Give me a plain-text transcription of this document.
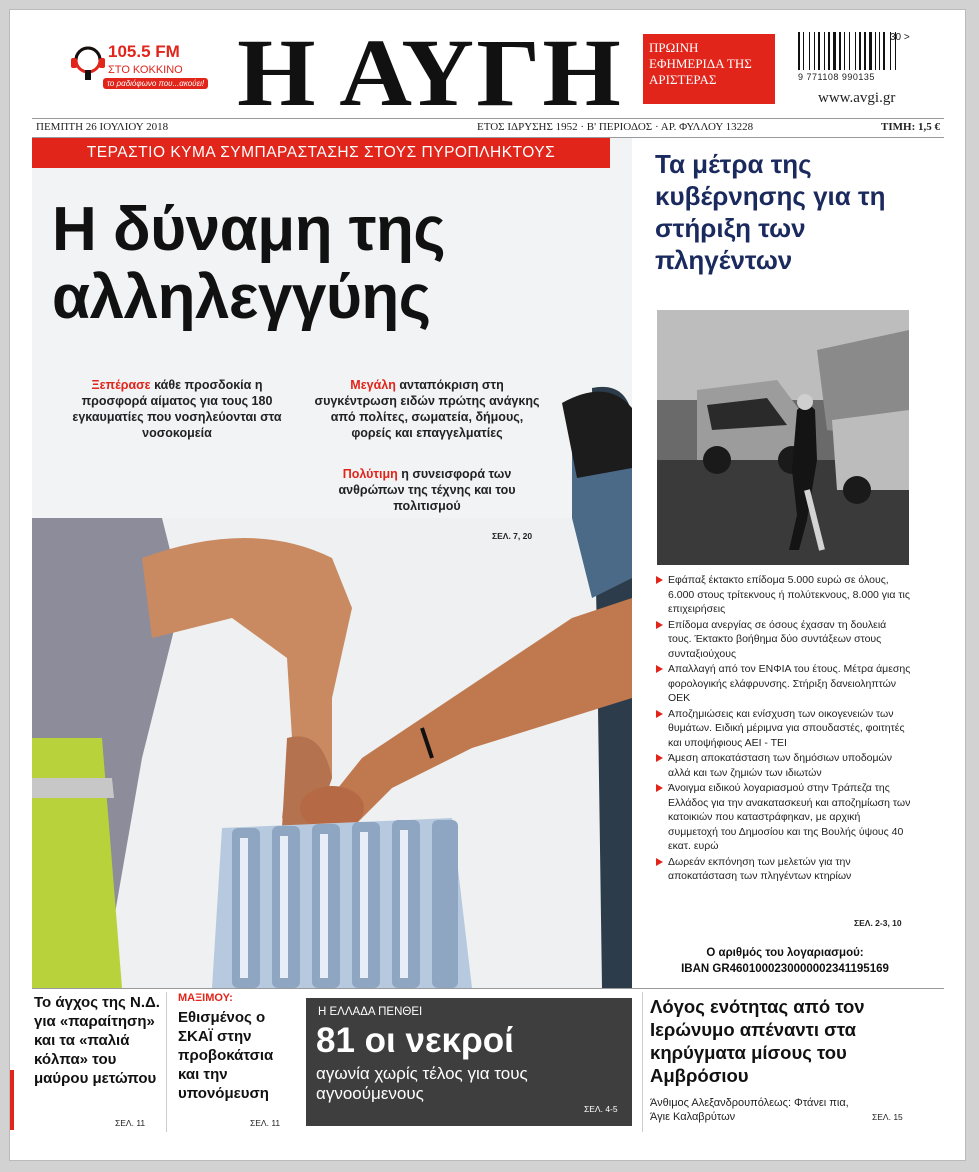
105.5 FM
ΣΤΟ ΚΟΚΚΙΝΟ
το ραδιόφωνο που...ακούει! Η ΑΥΓΗ	ΠΡΩΙΝΗ ΕΦΗΜΕΡΙΔΑ ΤΗΣ ΑΡΙΣΤΕΡΑΣ
30 >
9 771108 990135
www.avgi.gr
ΠΕΜΠΤΗ 26 ΙΟΥΛΙΟΥ 2018	ΕΤΟΣ ΙΔΡΥΣΗΣ 1952 · Β' ΠΕΡΙΟΔΟΣ · ΑΡ. ΦΥΛΛΟΥ 13228	ΤΙΜΗ: 1,5 €
ΤΕΡΑΣΤΙΟ ΚΥΜΑ ΣΥΜΠΑΡΑΣΤΑΣΗΣ ΣΤΟΥΣ ΠΥΡΟΠΛΗΚΤΟΥΣ
Η δύναμη της
αλληλεγγύης
Ξεπέρασε κάθε προσδοκία η προσφορά αίματος για τους 180 εγκαυματίες που νοσηλεύονται στα νοσοκομεία
Μεγάλη ανταπόκριση στη συγκέντρωση ειδών πρώτης ανάγκης από πολίτες, σωματεία, δήμους, φορείς και επαγγελματίες
Πολύτιμη η συνεισφορά των ανθρώπων της τέχνης και του πολιτισμού
ΣΕΛ. 7, 20
Τα μέτρα της κυβέρνησης για τη στήριξη των πληγέντων
Εφάπαξ έκτακτο επίδομα 5.000 ευρώ σε όλους, 6.000 στους τρίτεκνους ή πολύτεκνους, 8.000 για τις επιχειρήσεις
Επίδομα ανεργίας σε όσους έχασαν τη δουλειά τους. Έκτακτο βοήθημα δύο συντάξεων στους συνταξιούχους
Απαλλαγή από τον ΕΝΦΙΑ του έτους. Μέτρα άμεσης φορολογικής ελάφρυνσης. Στήριξη δανειοληπτών ΟΕΚ
Αποζημιώσεις και ενίσχυση των οικογενειών των θυμάτων. Ειδική μέριμνα για σπουδαστές, φοιτητές και υποψήφιους ΑΕΙ - ΤΕΙ
Άμεση αποκατάσταση των δημόσιων υποδομών αλλά και των ζημιών των ιδιωτών
Άνοιγμα ειδικού λογαριασμού στην Τράπεζα της Ελλάδος για την ανακατασκευή και αποζημίωση των κατοικιών που καταστράφηκαν, με αρχική συμμετοχή του Δημοσίου και της Βουλής ύψους 40 εκατ. ευρώ
Δωρεάν εκπόνηση των μελετών για την αποκατάσταση των πληγέντων κτηρίων
ΣΕΛ. 2-3, 10
Ο αριθμός του λογαριασμού:
IBAN GR4601000230000002341195169
Το άγχος της Ν.Δ. για «παραίτηση» και τα «παλιά κόλπα» του μαύρου μετώπου
ΣΕΛ. 11
ΜΑΞΙΜΟΥ:
Εθισμένος ο ΣΚΑΪ στην προβοκάτσια και την υπονόμευση
ΣΕΛ. 11
Η ΕΛΛΑΔΑ ΠΕΝΘΕΙ
81 οι νεκροί
αγωνία χωρίς τέλος για τους αγνοούμενους
ΣΕΛ. 4-5
Λόγος ενότητας από τον Ιερώνυμο απέναντι στα κηρύγματα μίσους του Αμβρόσιου
Άνθιμος Αλεξανδρουπόλεως: Φτάνει πια, Άγιε Καλαβρύτων	ΣΕΛ. 15
